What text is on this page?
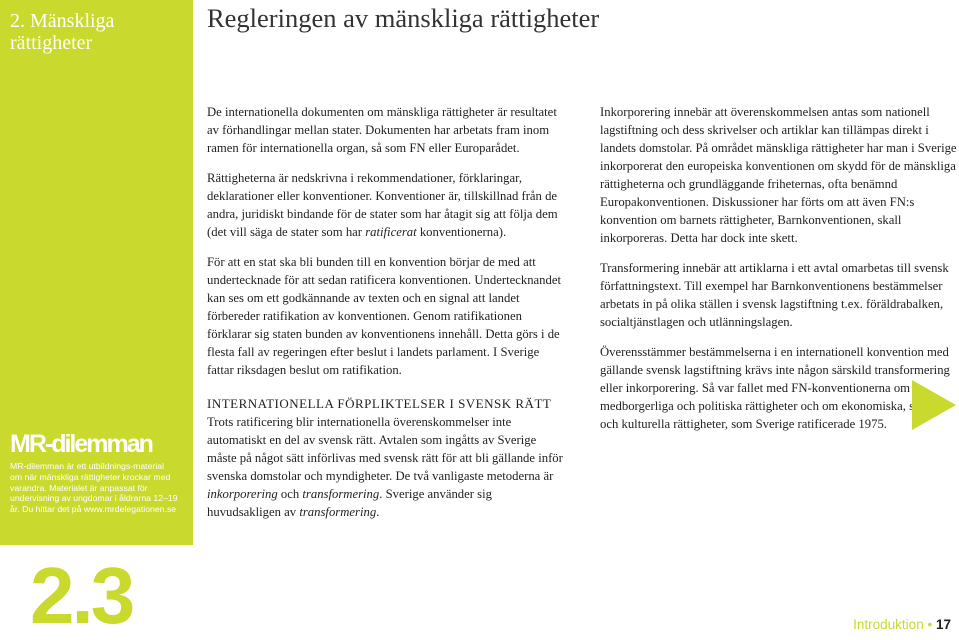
2. Mänskliga rättigheter
MR-dilemman
MR-dilemman är ett utbildnings-material om när mänskliga rättigheter krockar med varandra. Materialet är anpassat för undervisning av ungdomar i åldrarna 12–19 år. Du hittar det på www.mrdelegationen.se
2.3
Regleringen av mänskliga rättigheter

De internationella dokumenten om mänskliga rättigheter är resultatet av förhandlingar mellan stater. Dokumenten har arbetats fram inom ramen för internationella organ, så som FN eller Europarådet.

Rättigheterna är nedskrivna i rekommendationer, förklaringar, deklarationer eller konventioner. Konventioner är, tillskillnad från de andra, juridiskt bindande för de stater som har åtagit sig att följa dem (det vill säga de stater som har ratificerat konventionerna).

För att en stat ska bli bunden till en konvention börjar de med att undertecknade för att sedan ratificera konventionen. Undertecknandet kan ses om ett godkännande av texten och en signal att landet förbereder ratifikation av konventionen. Genom ratifikationen förklarar sig staten bunden av konventionens innehåll. Detta görs i de flesta fall av regeringen efter beslut i landets parlament. I Sverige fattar riksdagen beslut om ratifikation.

INTERNATIONELLA FÖRPLIKTELSER I SVENSK RÄTT

Trots ratificering blir internationella överenskommelser inte automatiskt en del av svensk rätt. Avtalen som ingåtts av Sverige måste på något sätt införlivas med svensk rätt för att bli gällande inför svenska domstolar och myndigheter. De två vanligaste metoderna är inkorporering och transformering. Sverige använder sig huvudsakligen av transformering.

Inkorporering innebär att överenskommelsen antas som nationell lagstiftning och dess skrivelser och artiklar kan tillämpas direkt i landets domstolar. På området mänskliga rättigheter har man i Sverige inkorporerat den europeiska konventionen om skydd för de mänskliga rättigheterna och grundläggande friheternas, ofta benämnd Europakonventionen. Diskussioner har förts om att även FN:s konvention om barnets rättigheter, Barnkonventionen, skall inkorporeras. Detta har dock inte skett.

Transformering innebär att artiklarna i ett avtal omarbetas till svensk författningstext. Till exempel har Barnkonventionens bestämmelser arbetats in på olika ställen i svensk lagstiftning t.ex. föräldrabalken, socialtjänstlagen och utlänningslagen.

Överensstämmer bestämmelserna i en internationell konvention med gällande svensk lagstiftning krävs inte någon särskild transformering eller inkorporering. Så var fallet med FN-konventionerna om medborgerliga och politiska rättigheter och om ekonomiska, sociala och kulturella rättigheter, som Sverige ratificerade 1975.

Introduktion • 17
